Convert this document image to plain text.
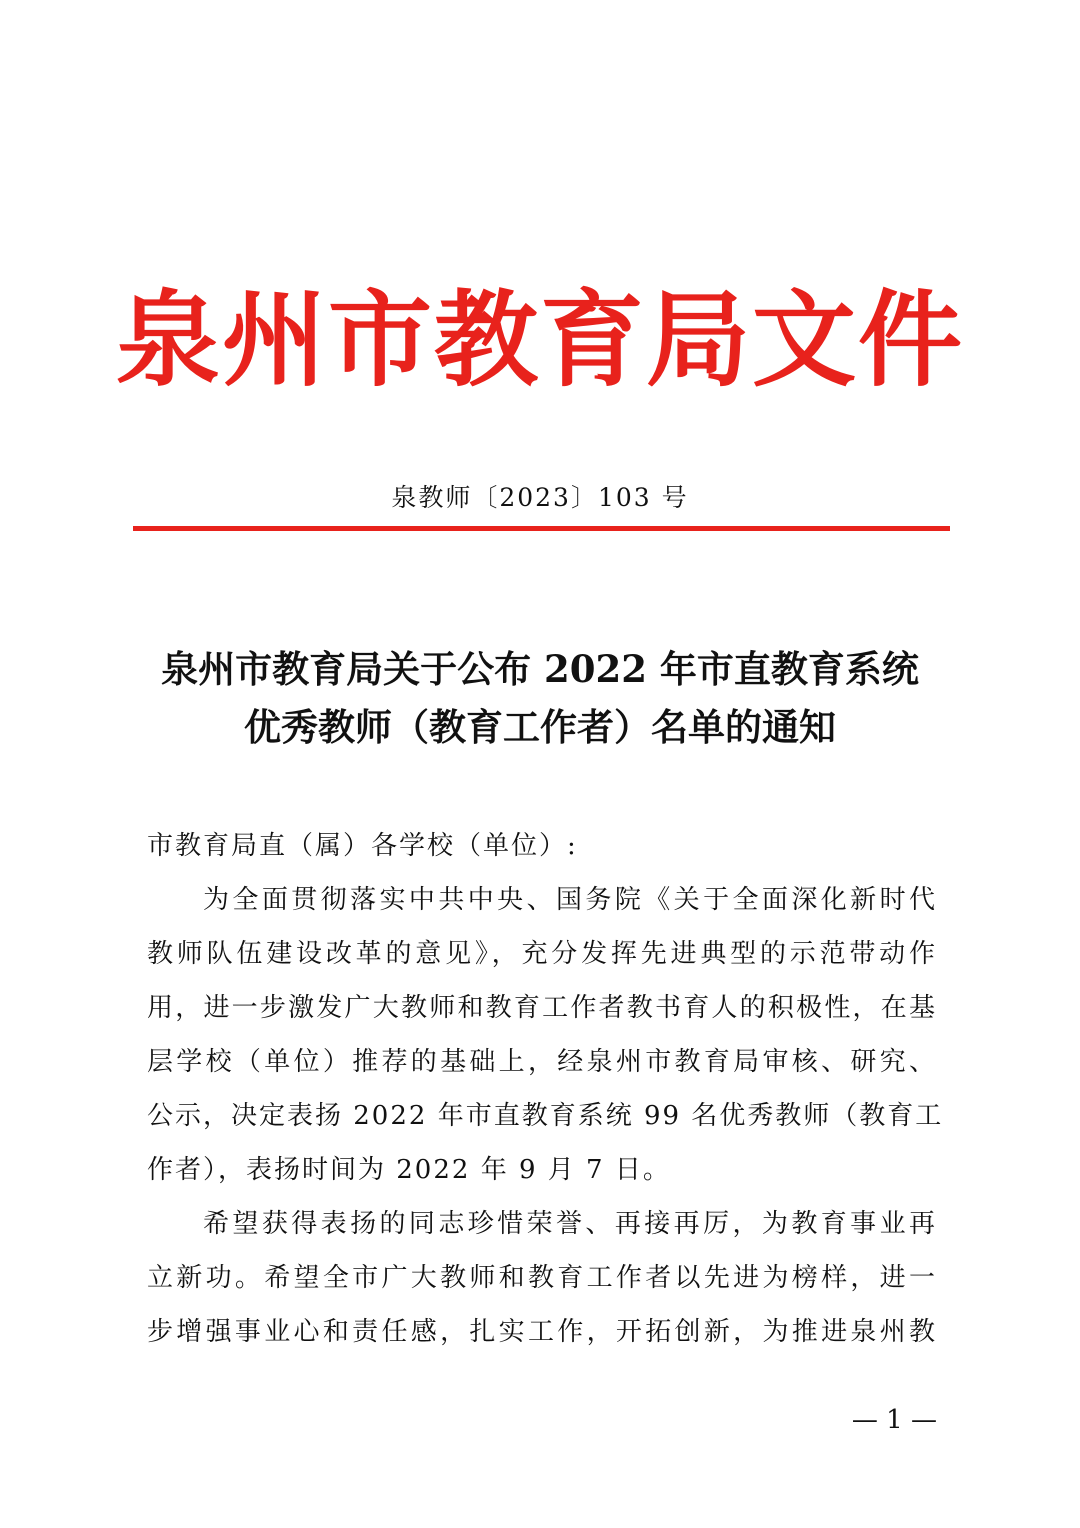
泉州市教育局文件
泉教师〔2023〕103 号
泉州市教育局关于公布 2022 年市直教育系统
优秀教师（教育工作者）名单的通知
市教育局直（属）各学校（单位）:
为全面贯彻落实中共中央、国务院《关于全面深化新时代
教师队伍建设改革的意见》，充分发挥先进典型的示范带动作
用，进一步激发广大教师和教育工作者教书育人的积极性，在基
层学校（单位）推荐的基础上，经泉州市教育局审核、研究、
公示，决定表扬 2022 年市直教育系统 99 名优秀教师（教育工
作者），表扬时间为 2022 年 9 月 7 日。
希望获得表扬的同志珍惜荣誉、再接再厉，为教育事业再
立新功。希望全市广大教师和教育工作者以先进为榜样，进一
步增强事业心和责任感，扎实工作，开拓创新，为推进泉州教
— 1 —
